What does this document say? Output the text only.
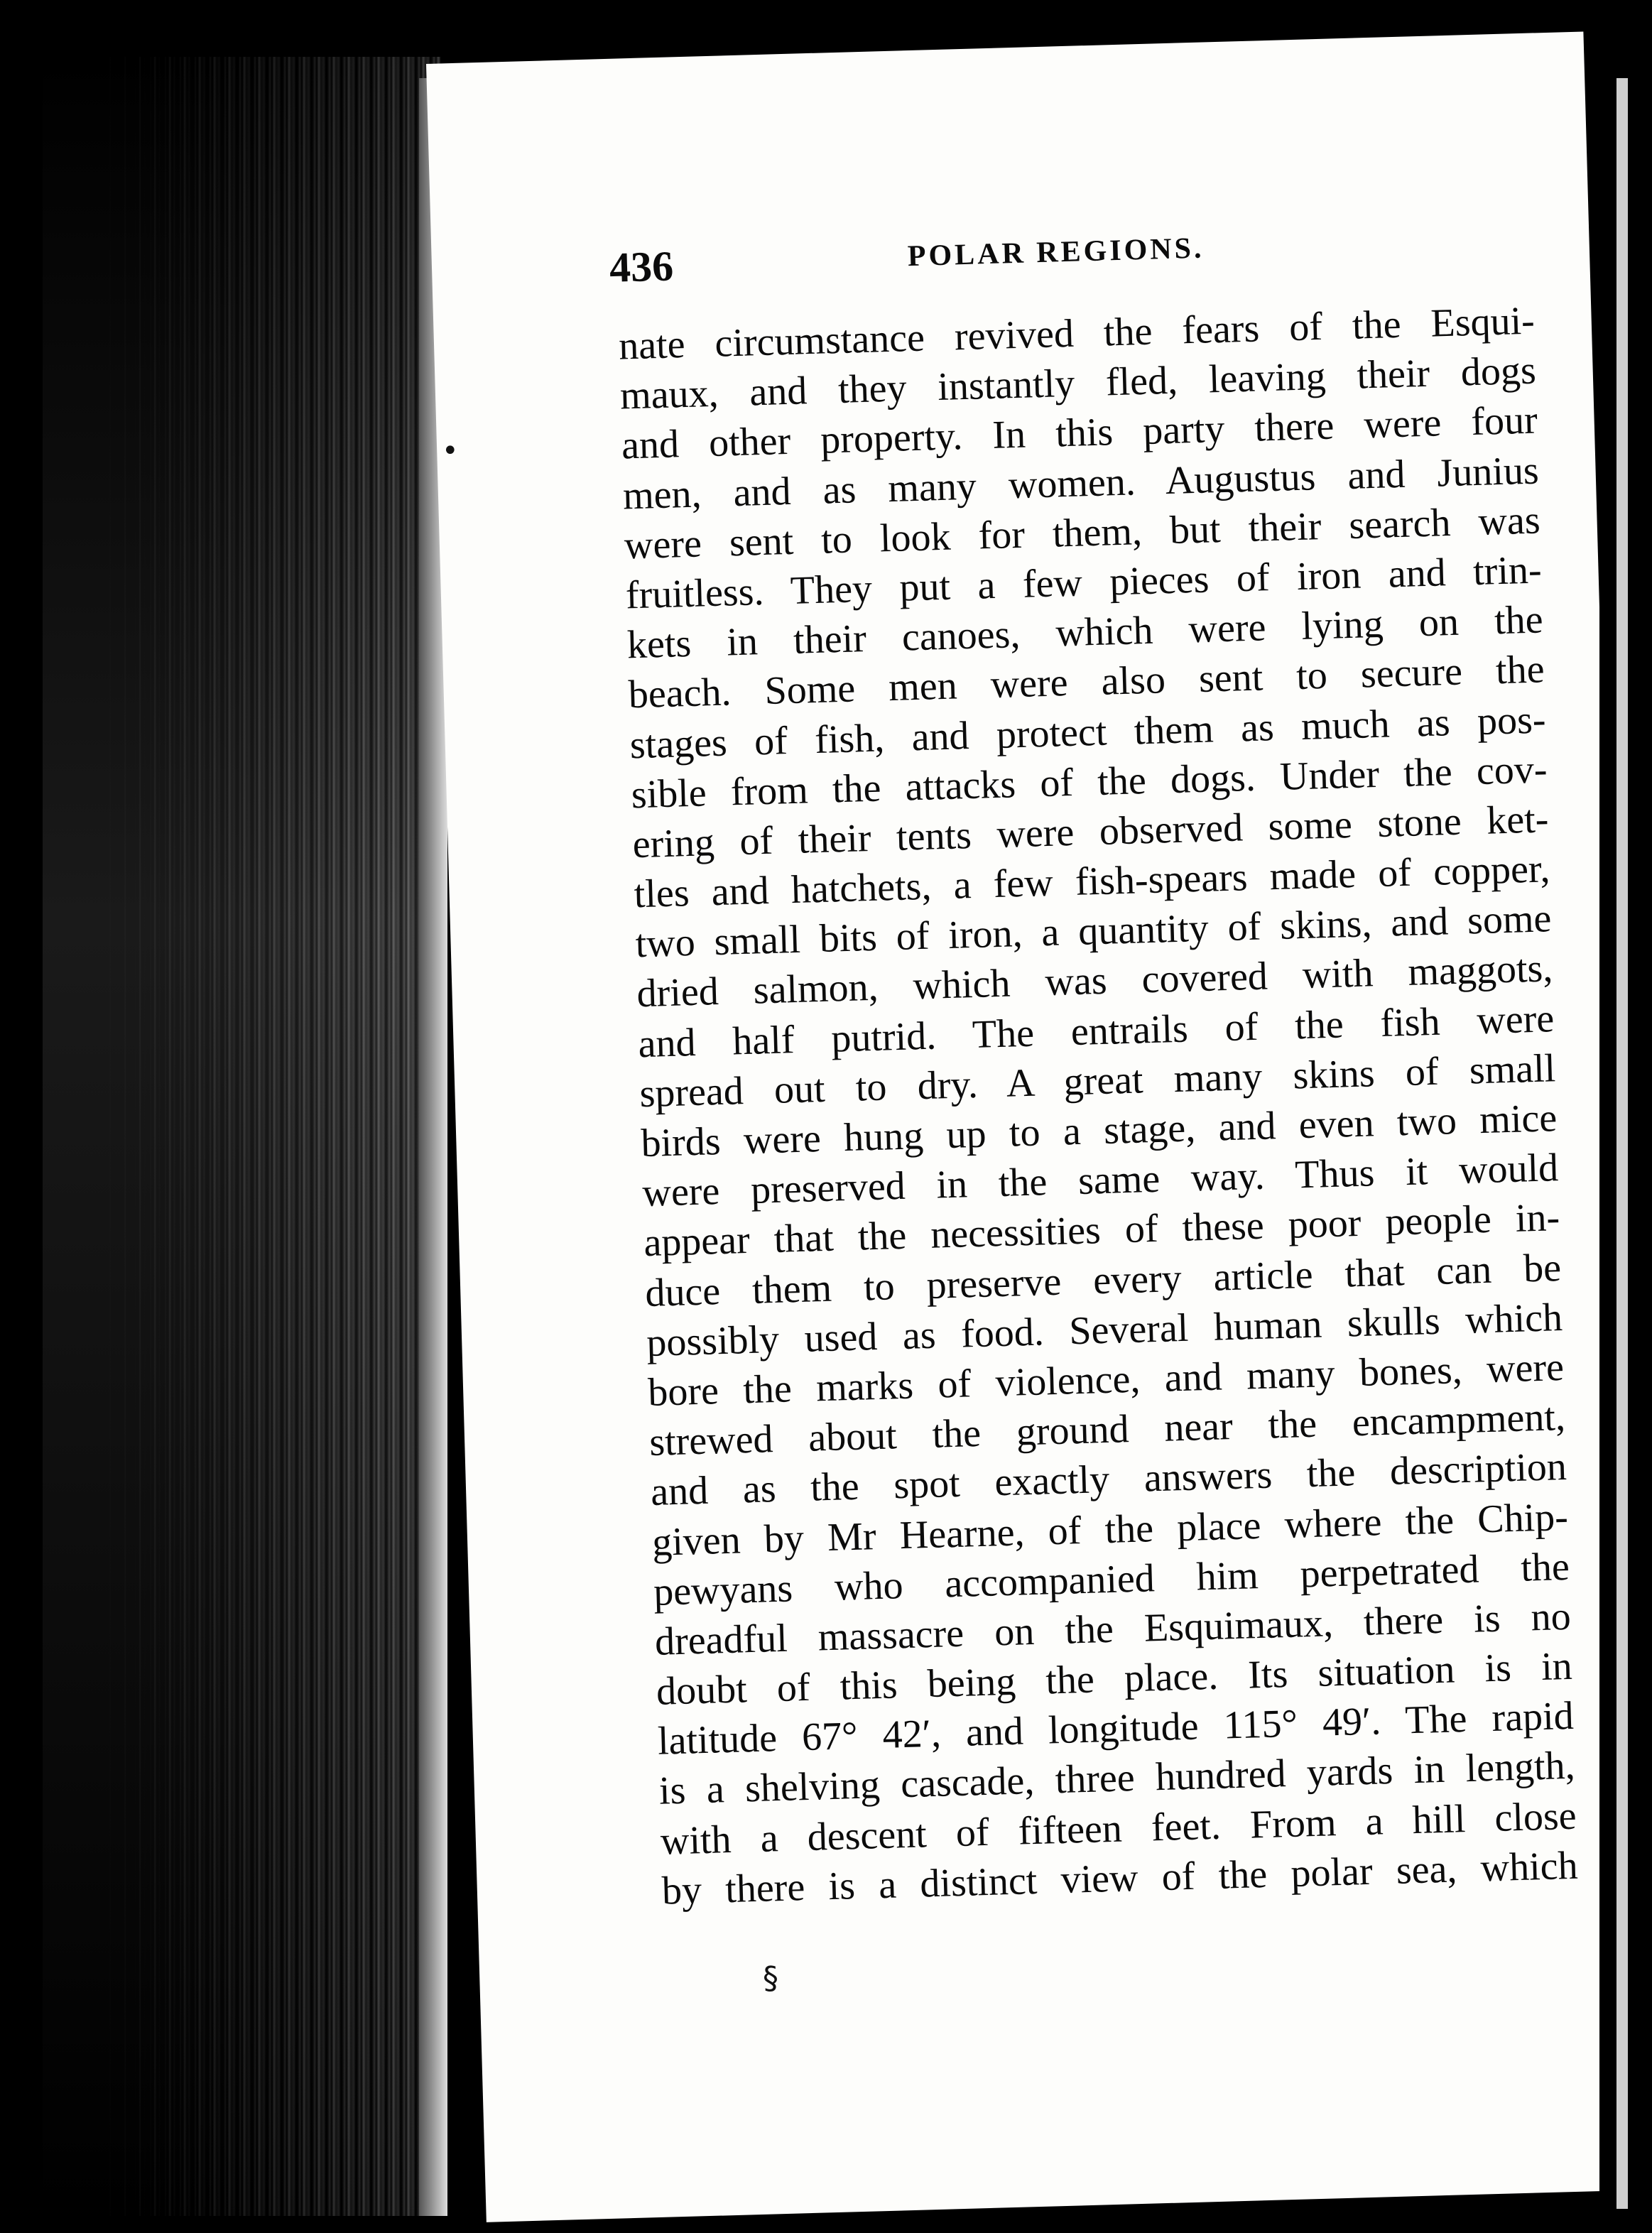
436	POLAR REGIONS.
nate circumstance revived the fears of the Esqui-
maux, and they instantly fled, leaving their dogs
and other property. In this party there were four
men, and as many women. Augustus and Junius
were sent to look for them, but their search was
fruitless. They put a few pieces of iron and trin-
kets in their canoes, which were lying on the
beach. Some men were also sent to secure the
stages of fish, and protect them as much as pos-
sible from the attacks of the dogs. Under the cov-
ering of their tents were observed some stone ket-
tles and hatchets, a few fish-spears made of copper,
two small bits of iron, a quantity of skins, and some
dried salmon, which was covered with maggots,
and half putrid. The entrails of the fish were
spread out to dry. A great many skins of small
birds were hung up to a stage, and even two mice
were preserved in the same way. Thus it would
appear that the necessities of these poor people in-
duce them to preserve every article that can be
possibly used as food. Several human skulls which
bore the marks of violence, and many bones, were
strewed about the ground near the encampment,
and as the spot exactly answers the description
given by Mr Hearne, of the place where the Chip-
pewyans who accompanied him perpetrated the
dreadful massacre on the Esquimaux, there is no
doubt of this being the place. Its situation is in
latitude 67° 42′, and longitude 115° 49′. The rapid
is a shelving cascade, three hundred yards in length,
with a descent of fifteen feet. From a hill close
by there is a distinct view of the polar sea, which
•
§
